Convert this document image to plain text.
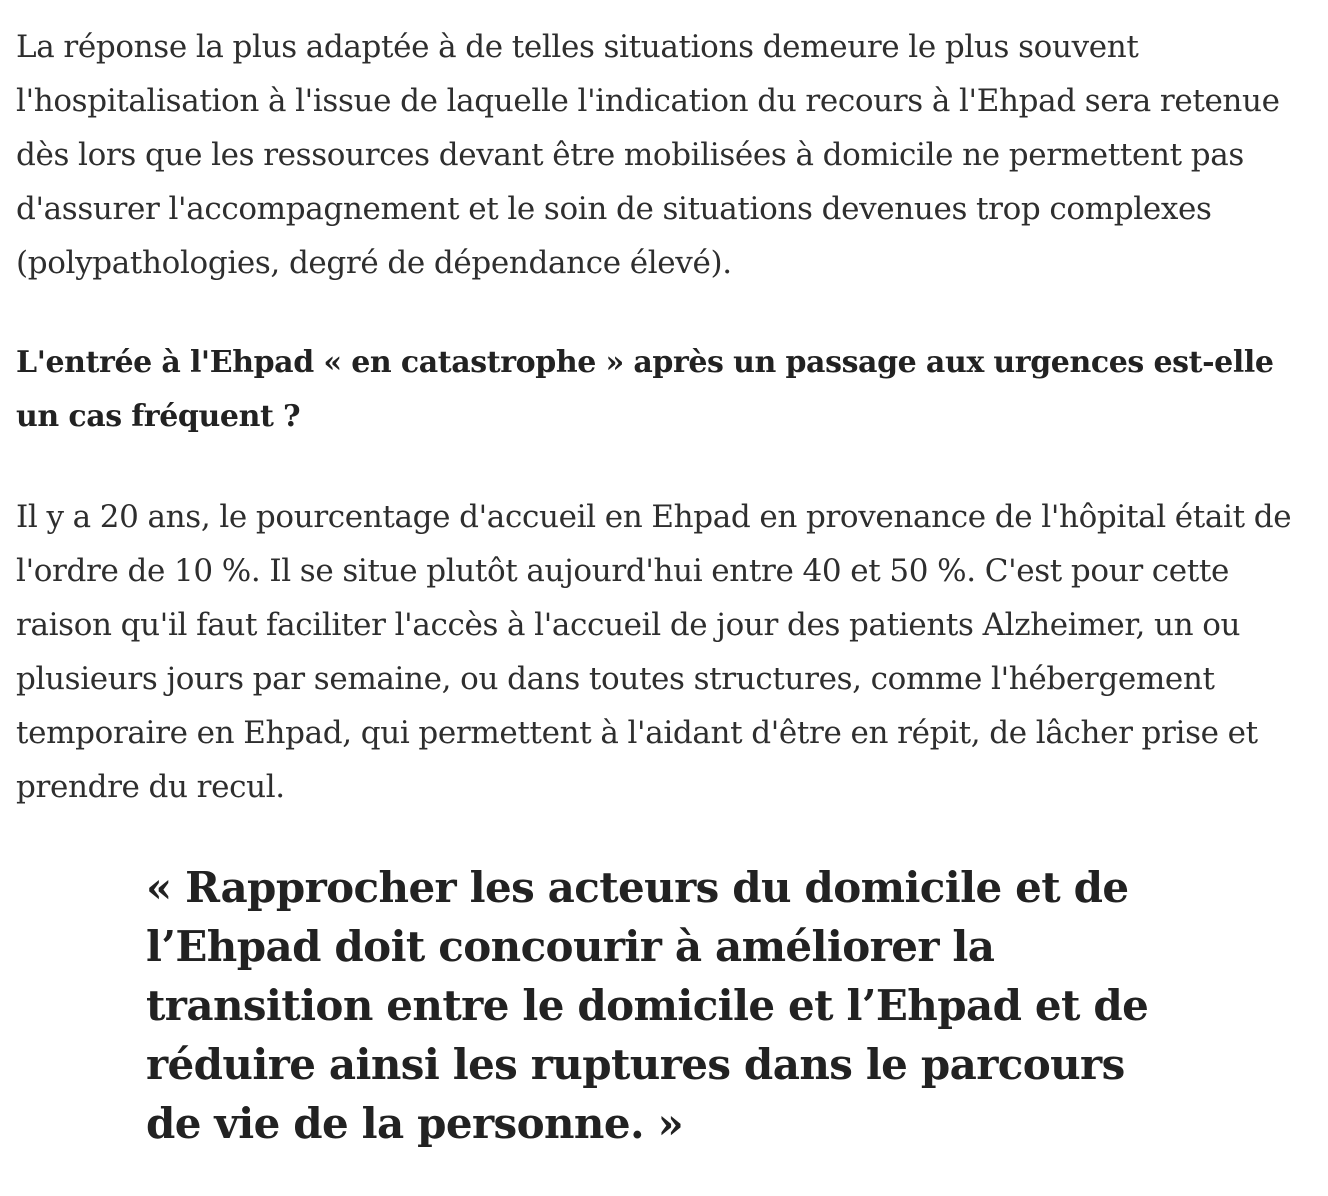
La réponse la plus adaptée à de telles situations demeure le plus souvent l'hospitalisation à l'issue de laquelle l'indication du recours à l'Ehpad sera retenue dès lors que les ressources devant être mobilisées à domicile ne permettent pas d'assurer l'accompagnement et le soin de situations devenues trop complexes (polypathologies, degré de dépendance élevé).

L'entrée à l'Ehpad « en catastrophe » après un passage aux urgences est-elle un cas fréquent ?

Il y a 20 ans, le pourcentage d'accueil en Ehpad en provenance de l'hôpital était de l'ordre de 10 %. Il se situe plutôt aujourd'hui entre 40 et 50 %. C'est pour cette raison qu'il faut faciliter l'accès à l'accueil de jour des patients Alzheimer, un ou plusieurs jours par semaine, ou dans toutes structures, comme l'hébergement temporaire en Ehpad, qui permettent à l'aidant d'être en répit, de lâcher prise et prendre du recul.

« Rapprocher les acteurs du domicile et de l’Ehpad doit concourir à améliorer la transition entre le domicile et l’Ehpad et de réduire ainsi les ruptures dans le parcours de vie de la personne. »
